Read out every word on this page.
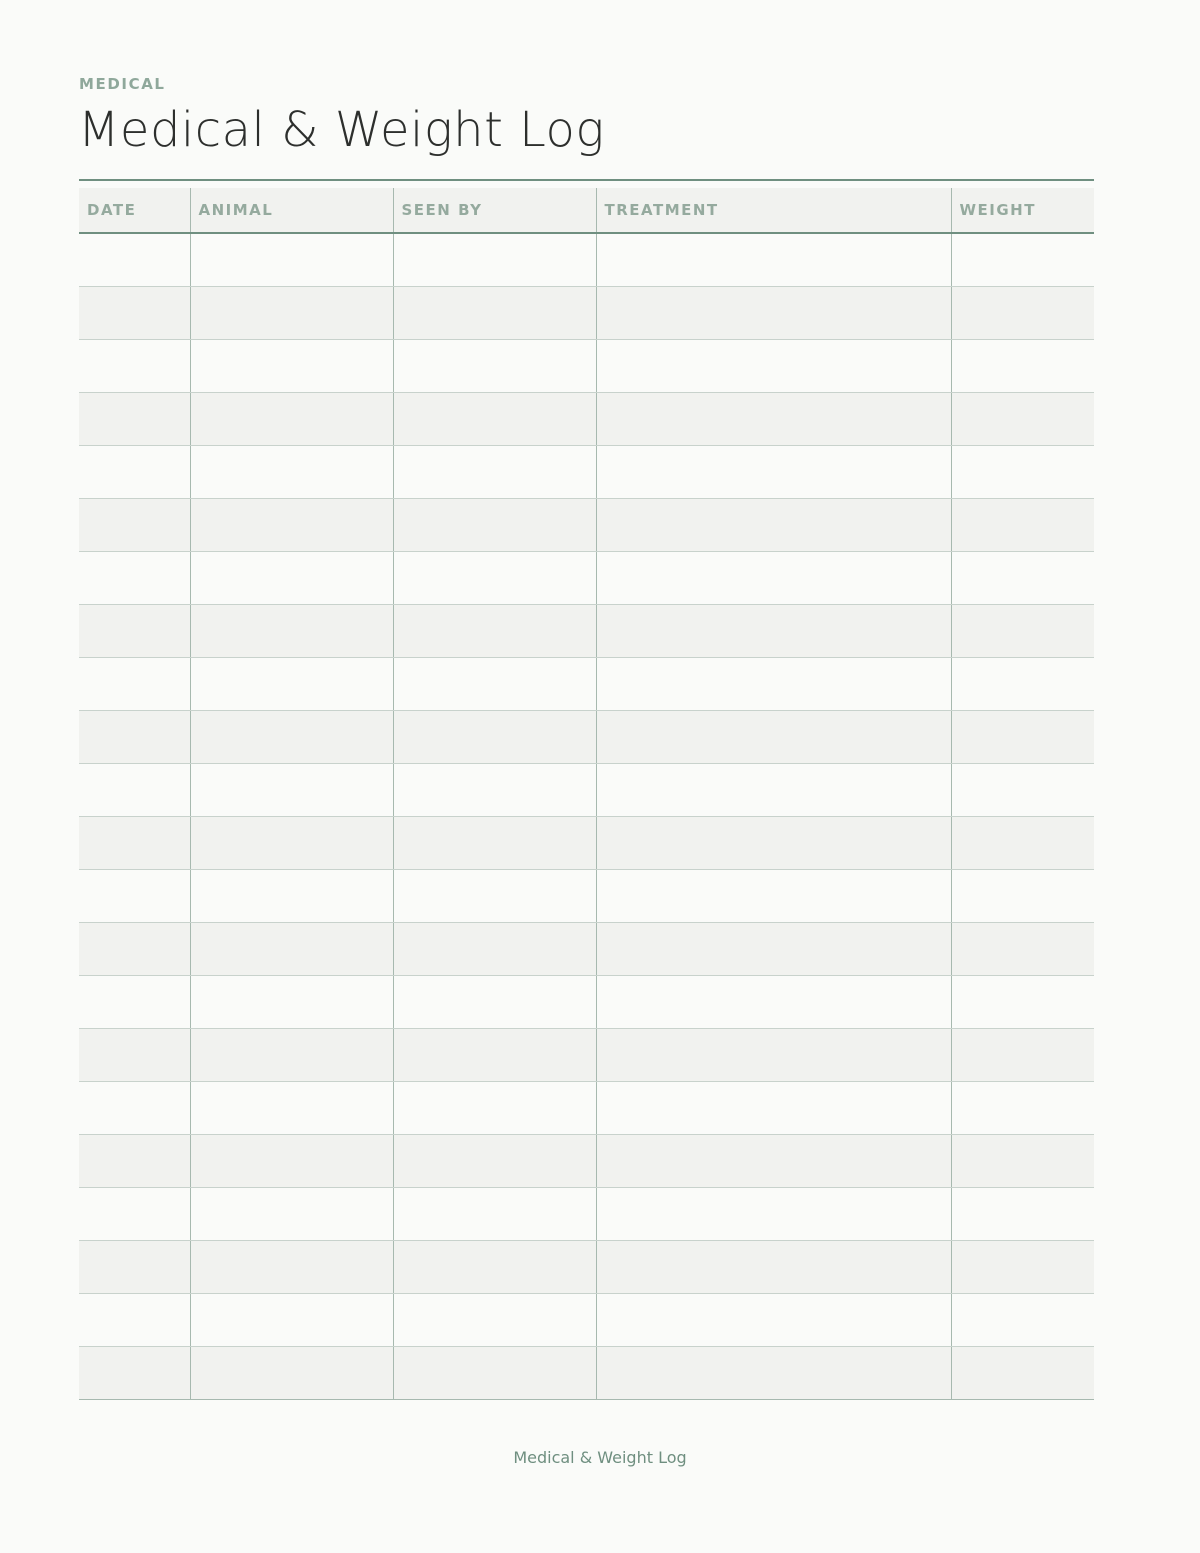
MEDICAL
Medical & Weight Log
DATE	ANIMAL	SEEN BY	TREATMENT	WEIGHT

Medical & Weight Log
